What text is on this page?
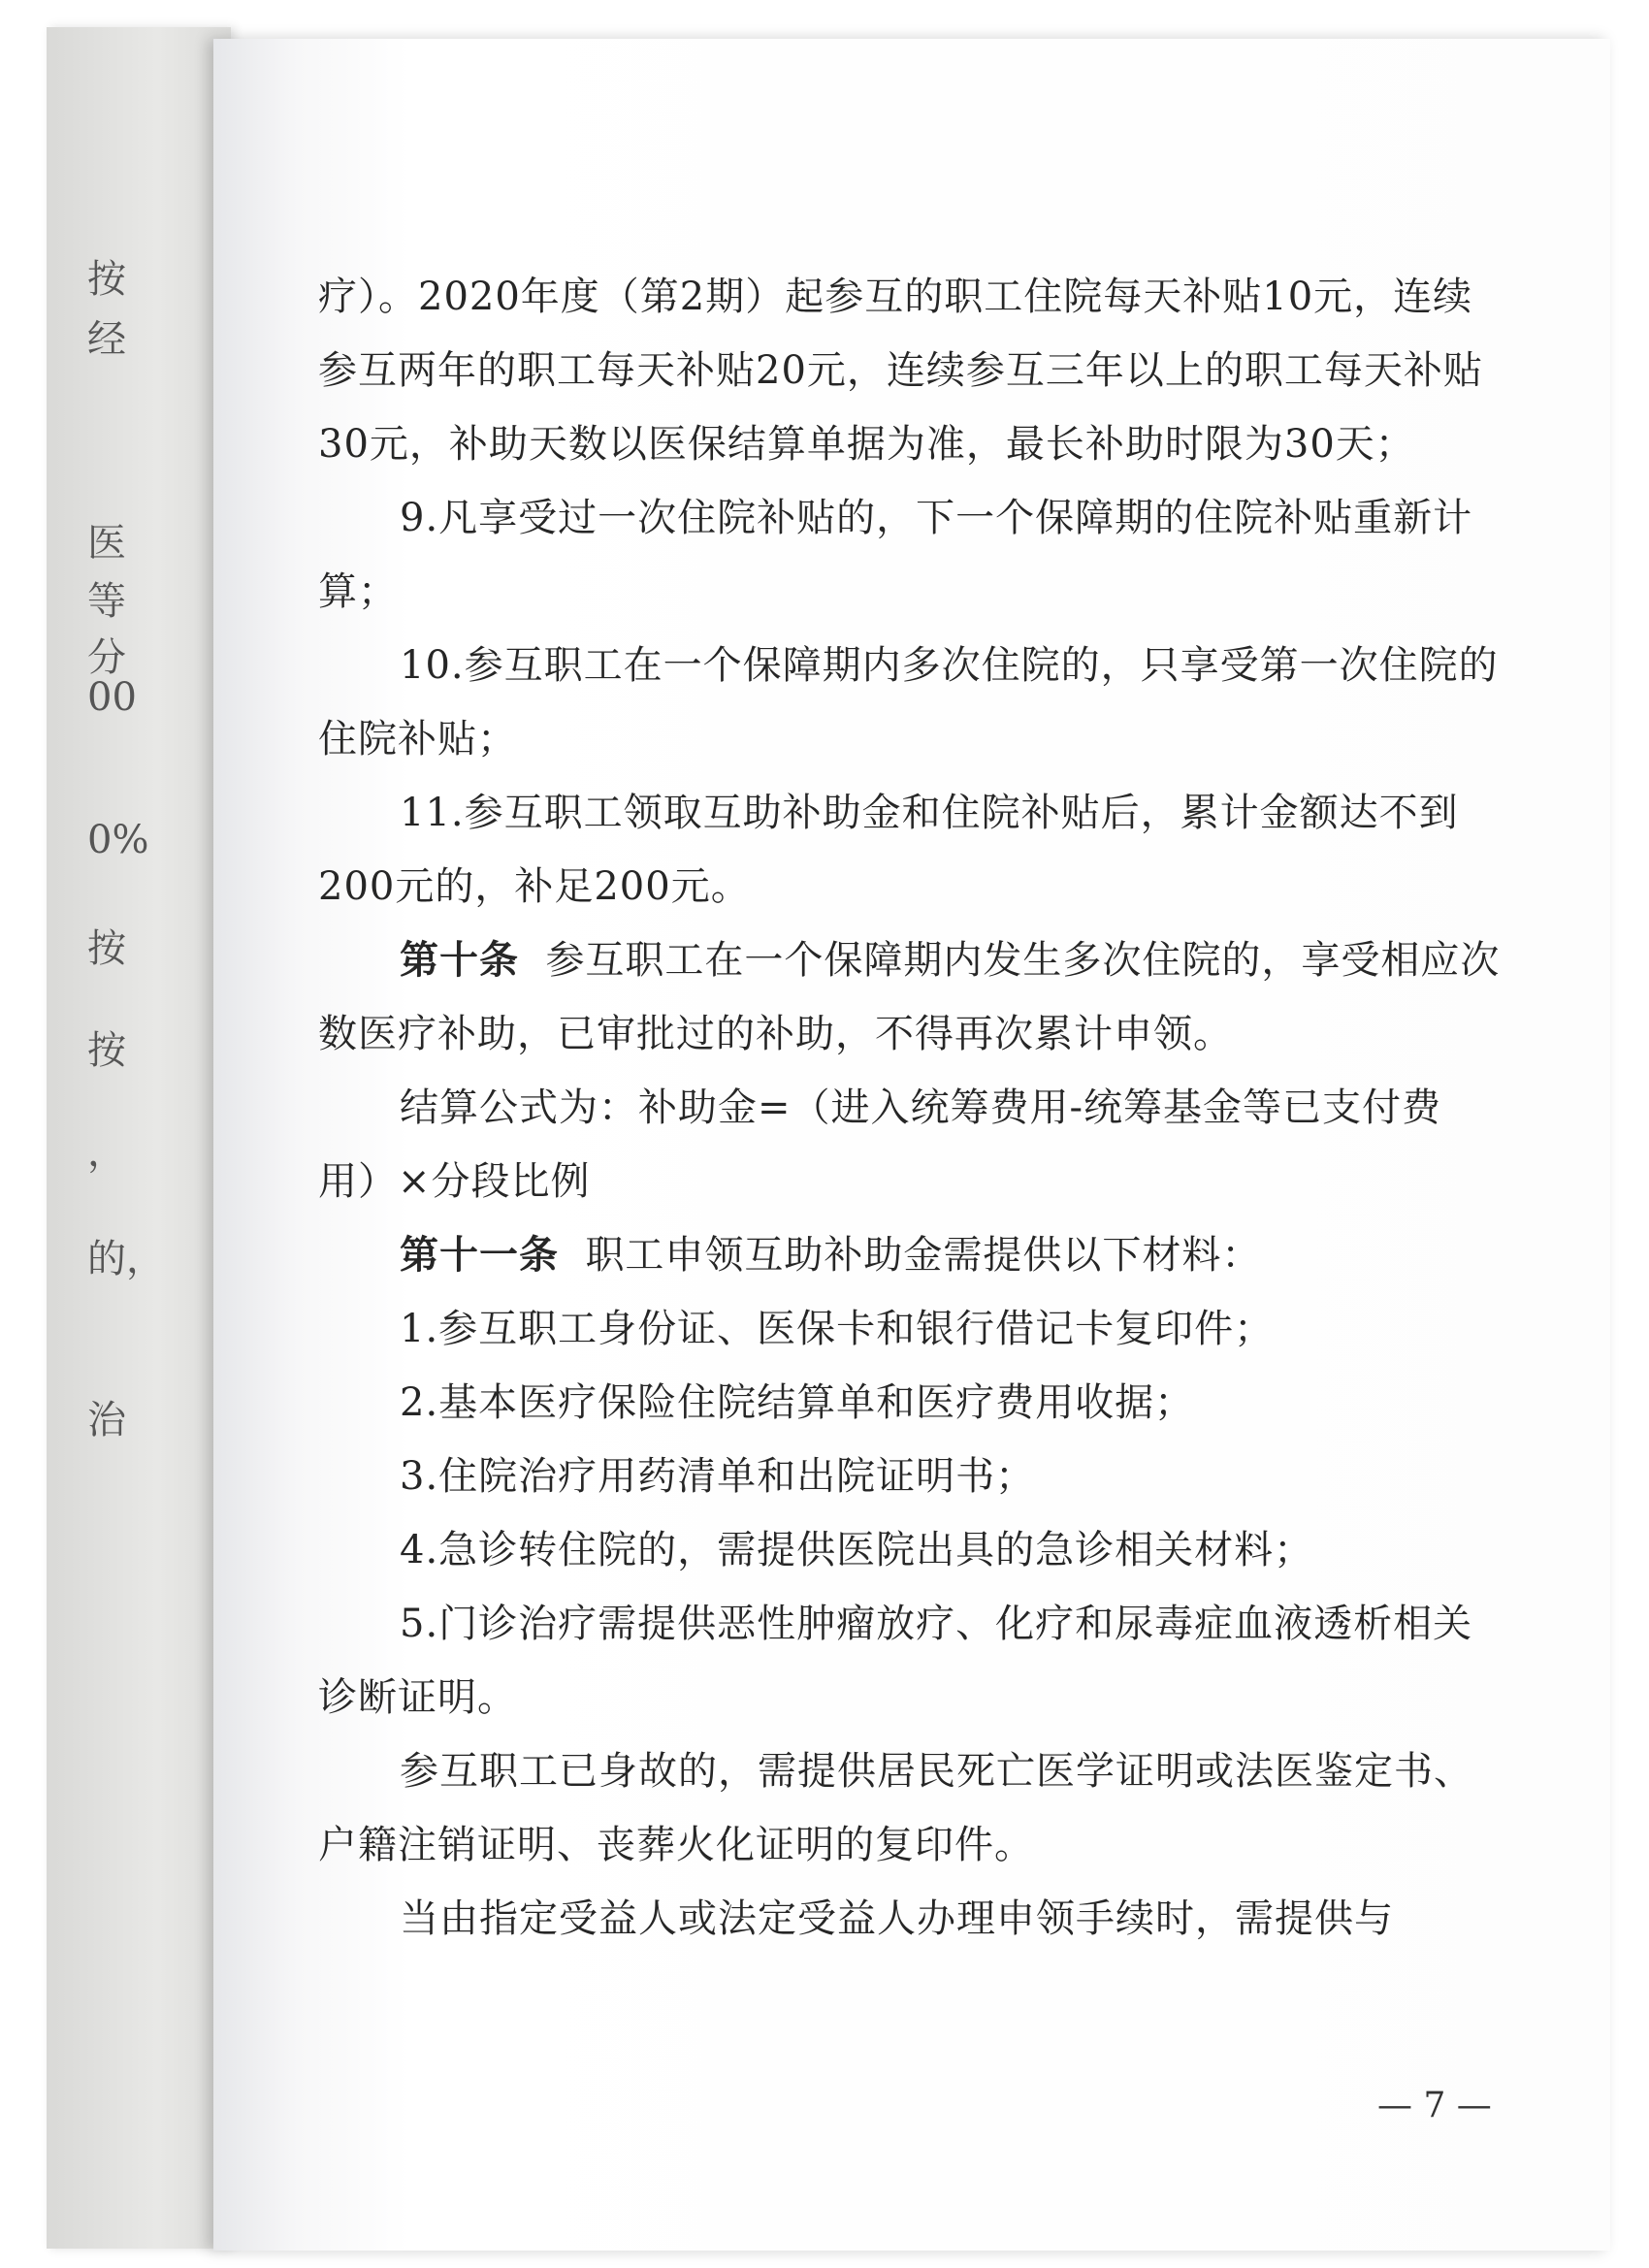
按
经
医
等
分
00
0%
按
按
，
的，
治

疗）。2020年度（第2期）起参互的职工住院每天补贴10元，连续参互两年的职工每天补贴20元，连续参互三年以上的职工每天补贴30元，补助天数以医保结算单据为准，最长补助时限为30天；

9.凡享受过一次住院补贴的，下一个保障期的住院补贴重新计算；

10.参互职工在一个保障期内多次住院的，只享受第一次住院的住院补贴；

11.参互职工领取互助补助金和住院补贴后，累计金额达不到200元的，补足200元。

第十条 参互职工在一个保障期内发生多次住院的，享受相应次数医疗补助，已审批过的补助，不得再次累计申领。

结算公式为：补助金=（进入统筹费用-统筹基金等已支付费用）×分段比例

第十一条 职工申领互助补助金需提供以下材料：

1.参互职工身份证、医保卡和银行借记卡复印件；

2.基本医疗保险住院结算单和医疗费用收据；

3.住院治疗用药清单和出院证明书；

4.急诊转住院的，需提供医院出具的急诊相关材料；

5.门诊治疗需提供恶性肿瘤放疗、化疗和尿毒症血液透析相关诊断证明。

参互职工已身故的，需提供居民死亡医学证明或法医鉴定书、户籍注销证明、丧葬火化证明的复印件。

当由指定受益人或法定受益人办理申领手续时，需提供与

— 7 —
